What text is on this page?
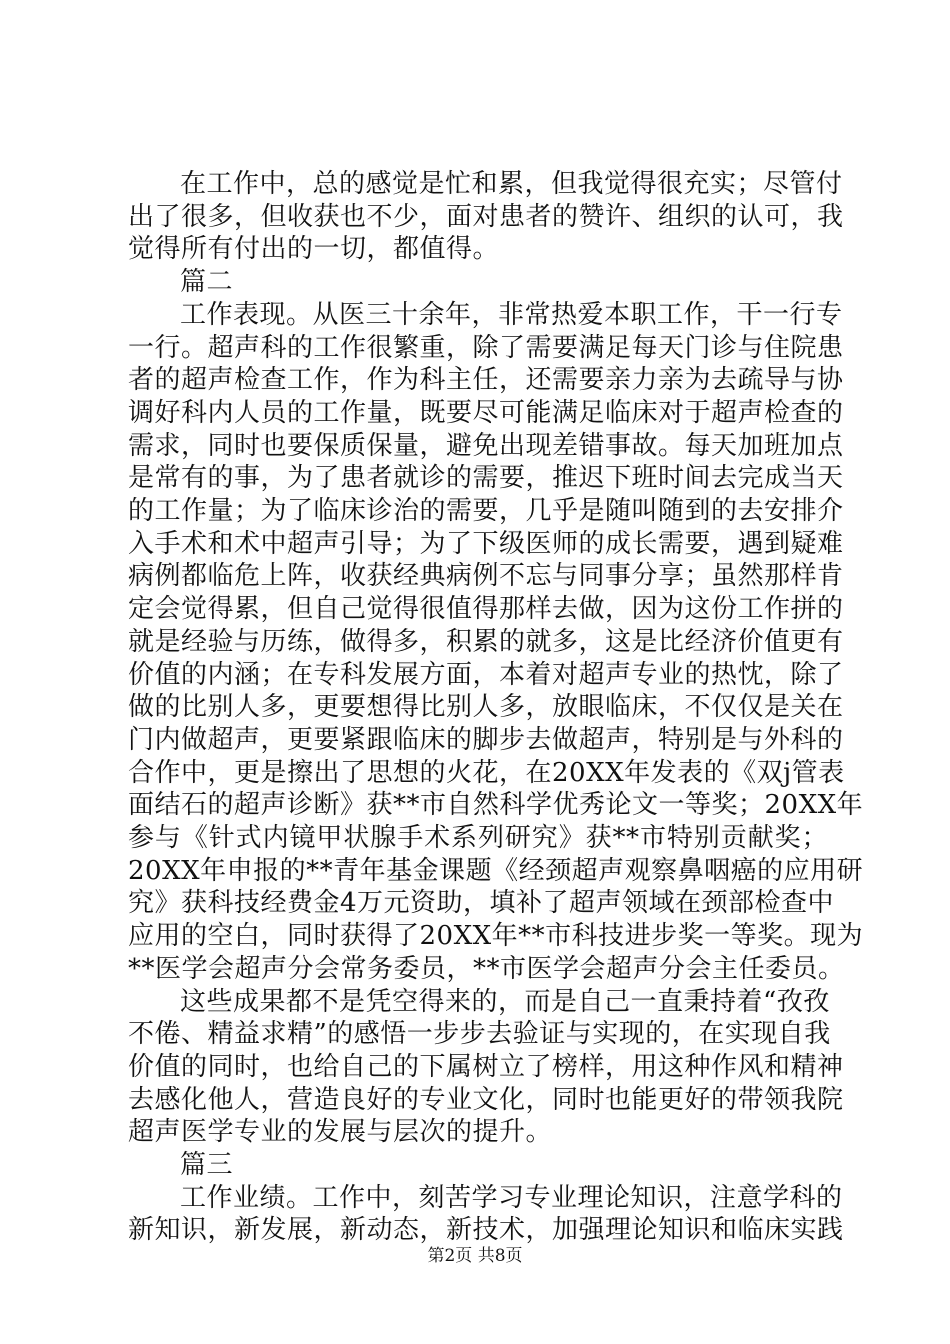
在工作中，总的感觉是忙和累，但我觉得很充实；尽管付
出了很多，但收获也不少，面对患者的赞许、组织的认可，我
觉得所有付出的一切，都值得。
篇二
工作表现。从医三十余年，非常热爱本职工作，干一行专
一行。超声科的工作很繁重，除了需要满足每天门诊与住院患
者的超声检查工作，作为科主任，还需要亲力亲为去疏导与协
调好科内人员的工作量，既要尽可能满足临床对于超声检查的
需求，同时也要保质保量，避免出现差错事故。每天加班加点
是常有的事，为了患者就诊的需要，推迟下班时间去完成当天
的工作量；为了临床诊治的需要，几乎是随叫随到的去安排介
入手术和术中超声引导；为了下级医师的成长需要，遇到疑难
病例都临危上阵，收获经典病例不忘与同事分享；虽然那样肯
定会觉得累，但自己觉得很值得那样去做，因为这份工作拼的
就是经验与历练，做得多，积累的就多，这是比经济价值更有
价值的内涵；在专科发展方面，本着对超声专业的热忱，除了
做的比别人多，更要想得比别人多，放眼临床，不仅仅是关在
门内做超声，更要紧跟临床的脚步去做超声，特别是与外科的
合作中，更是擦出了思想的火花，在20XX年发表的《双j管表
面结石的超声诊断》获**市自然科学优秀论文一等奖；20XX年
参与《针式内镜甲状腺手术系列研究》获**市特别贡献奖；
20XX年申报的**青年基金课题《经颈超声观察鼻咽癌的应用研
究》获科技经费金4万元资助，填补了超声领域在颈部检查中
应用的空白，同时获得了20XX年**市科技进步奖一等奖。现为
**医学会超声分会常务委员，**市医学会超声分会主任委员。
这些成果都不是凭空得来的，而是自己一直秉持着“孜孜
不倦、精益求精”的感悟一步步去验证与实现的，在实现自我
价值的同时，也给自己的下属树立了榜样，用这种作风和精神
去感化他人，营造良好的专业文化，同时也能更好的带领我院
超声医学专业的发展与层次的提升。
篇三
工作业绩。工作中，刻苦学习专业理论知识，注意学科的
新知识，新发展，新动态，新技术，加强理论知识和临床实践
第2页 共8页
